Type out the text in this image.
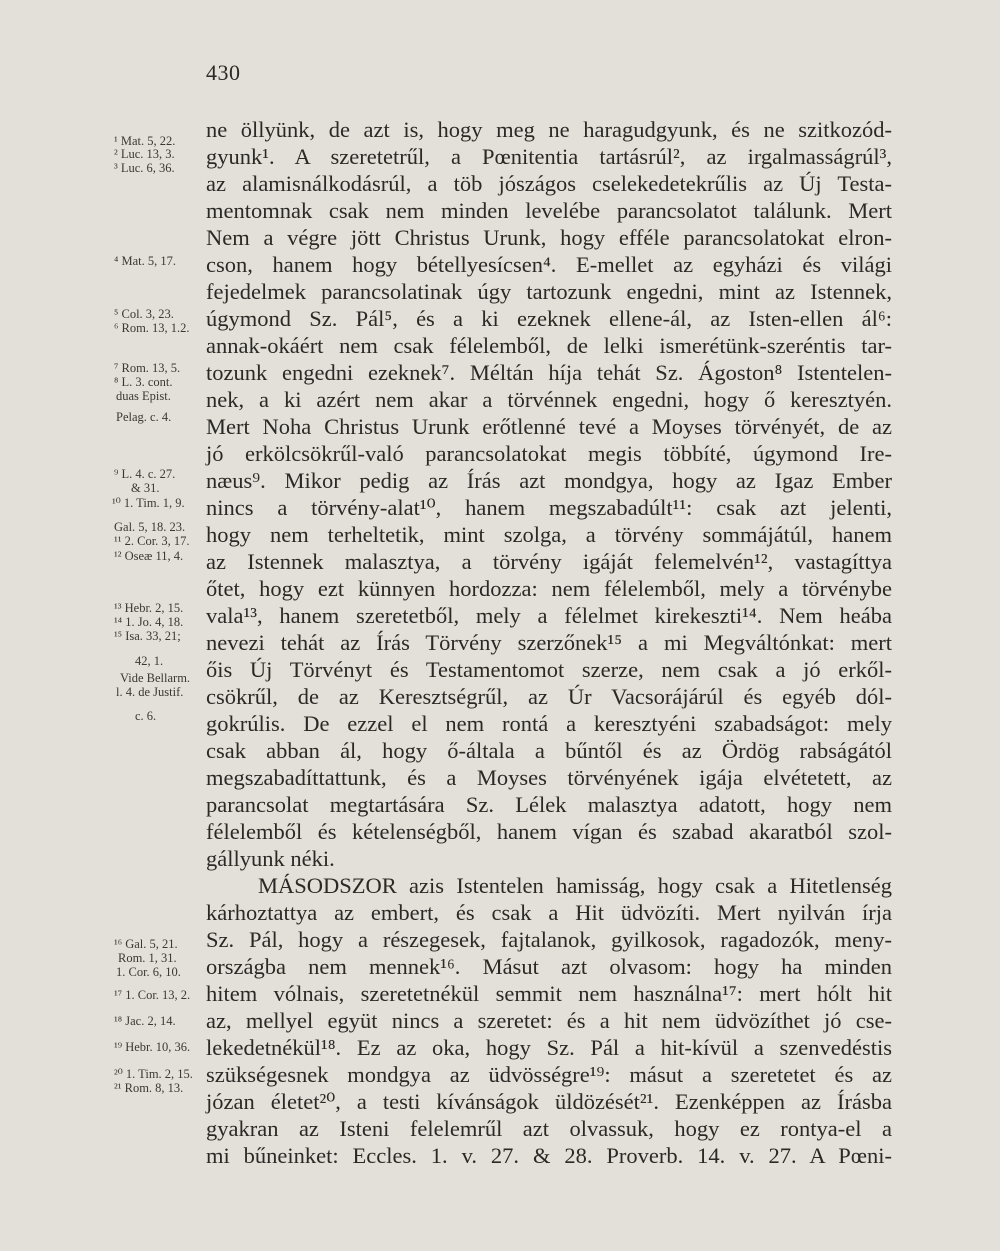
430
ne öllyünk, de azt is, hogy meg ne haragudgyunk, és ne szitkozód-
gyunk¹. A szeretetrűl, a Pœnitentia tartásrúl², az irgalmasságrúl³,
az alamisnálkodásrúl, a töb jószágos cselekedetekrűlis az Új Testa-
mentomnak csak nem minden levelébe parancsolatot találunk. Mert
Nem a végre jött Christus Urunk, hogy efféle parancsolatokat elron-
cson, hanem hogy bétellyesícsen⁴. E-mellet az egyházi és világi
fejedelmek parancsolatinak úgy tartozunk engedni, mint az Istennek,
úgymond Sz. Pál⁵, és a ki ezeknek ellene-ál, az Isten-ellen ál⁶:
annak-okáért nem csak félelemből, de lelki ismerétünk-szeréntis tar-
tozunk engedni ezeknek⁷. Méltán híja tehát Sz. Ágoston⁸ Istentelen-
nek, a ki azért nem akar a törvénnek engedni, hogy ő keresztyén.
Mert Noha Christus Urunk erőtlenné tevé a Moyses törvényét, de az
jó erkölcsökrűl-való parancsolatokat megis többíté, úgymond Ire-
næus⁹. Mikor pedig az Írás azt mondgya, hogy az Igaz Ember
nincs a törvény-alat¹⁰, hanem megszabadúlt¹¹: csak azt jelenti,
hogy nem terheltetik, mint szolga, a törvény sommájátúl, hanem
az Istennek malasztya, a törvény igáját felemelvén¹², vastagíttya
őtet, hogy ezt künnyen hordozza: nem félelemből, mely a törvénybe
vala¹³, hanem szeretetből, mely a félelmet kirekeszti¹⁴. Nem heába
nevezi tehát az Írás Törvény szerzőnek¹⁵ a mi Megváltónkat: mert
őis Új Törvényt és Testamentomot szerze, nem csak a jó erkől-
csökrűl, de az Keresztségrűl, az Úr Vacsorájárúl és egyéb dól-
gokrúlis. De ezzel el nem rontá a keresztyéni szabadságot: mely
csak abban ál, hogy ő-általa a bűntől és az Ördög rabságától
megszabadíttattunk, és a Moyses törvényének igája elvétetett, az
parancsolat megtartására Sz. Lélek malasztya adatott, hogy nem
félelemből és kételenségből, hanem vígan és szabad akaratból szol-
gállyunk néki.
MÁSODSZOR azis Istentelen hamisság, hogy csak a Hitetlenség
kárhoztattya az embert, és csak a Hit üdvözíti. Mert nyilván írja
Sz. Pál, hogy a részegesek, fajtalanok, gyilkosok, ragadozók, meny-
országba nem mennek¹⁶. Másut azt olvasom: hogy ha minden
hitem vólnais, szeretetnékül semmit nem használna¹⁷: mert hólt hit
az, mellyel együt nincs a szeretet: és a hit nem üdvözíthet jó cse-
lekedetnékül¹⁸. Ez az oka, hogy Sz. Pál a hit-kívül a szenvedéstis
szükségesnek mondgya az üdvösségre¹⁹: másut a szeretetet és az
józan életet²⁰, a testi kívánságok üldözését²¹. Ezenképpen az Írásba
gyakran az Isteni felelemrűl azt olvassuk, hogy ez rontya-el a
mi bűneinket: Eccles. 1. v. 27. & 28. Proverb. 14. v. 27. A Pœni-
¹ Mat. 5, 22.
² Luc. 13, 3.
³ Luc. 6, 36.
⁴ Mat. 5, 17.
⁵ Col. 3, 23.
⁶ Rom. 13, 1.2.
⁷ Rom. 13, 5.
⁸ L. 3. cont.
duas Epist.
Pelag. c. 4.
⁹ L. 4. c. 27.
& 31.
¹⁰ 1. Tim. 1, 9.
Gal. 5, 18. 23.
¹¹ 2. Cor. 3, 17.
¹² Oseæ 11, 4.
¹³ Hebr. 2, 15.
¹⁴ 1. Jo. 4, 18.
¹⁵ Isa. 33, 21;
42, 1.
Vide Bellarm.
l. 4. de Justif.
c. 6.
¹⁶ Gal. 5, 21.
Rom. 1, 31.
1. Cor. 6, 10.
¹⁷ 1. Cor. 13, 2.
¹⁸ Jac. 2, 14.
¹⁹ Hebr. 10, 36.
²⁰ 1. Tim. 2, 15.
²¹ Rom. 8, 13.
